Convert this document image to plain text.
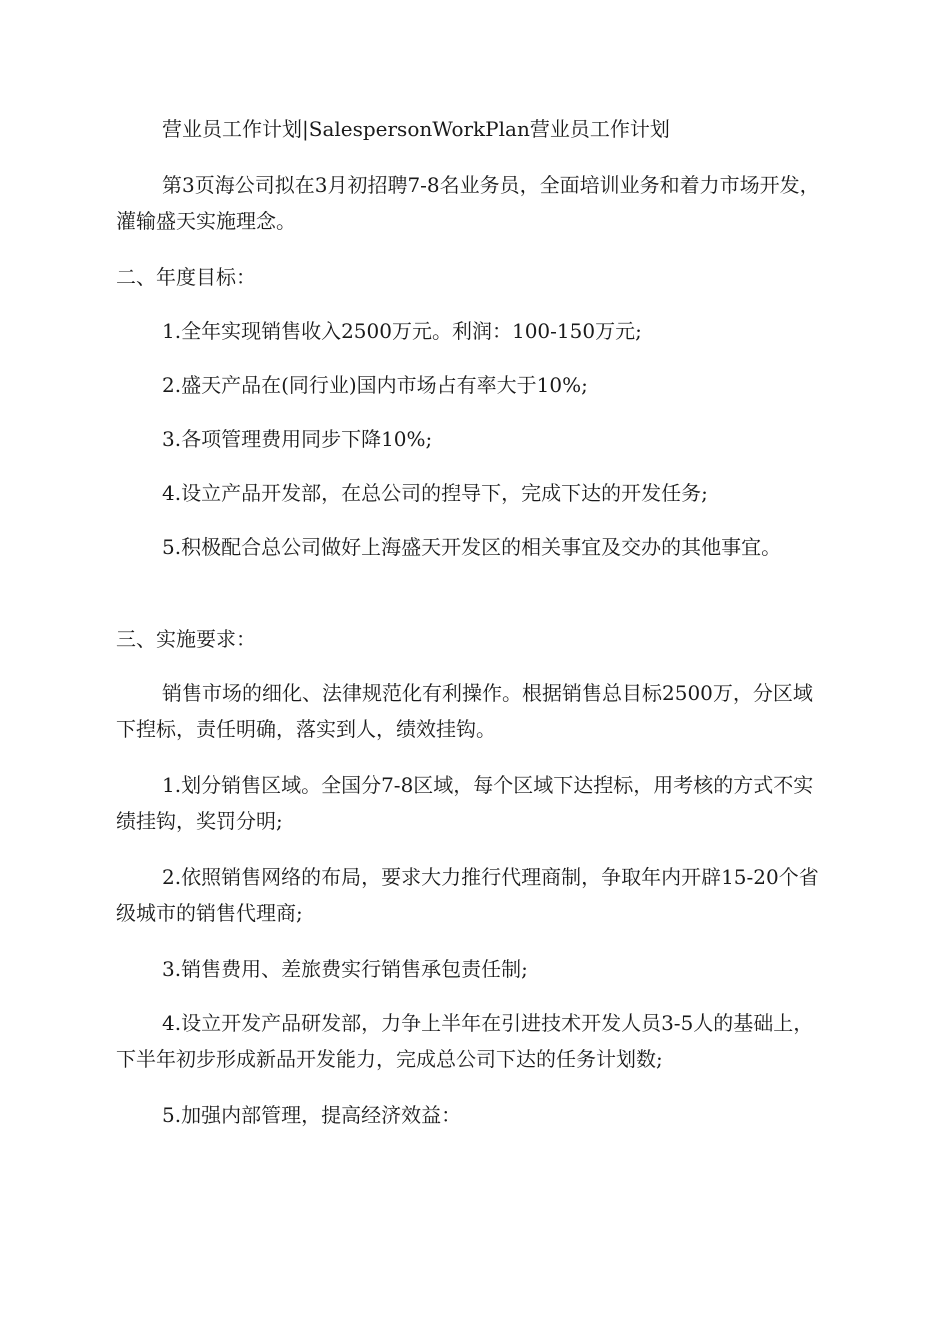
营业员工作计划|SalespersonWorkPlan营业员工作计划

第3页海公司拟在3月初招聘7-8名业务员，全面培训业务和着力市场开发，灌输盛天实施理念。

二、年度目标：

1.全年实现销售收入2500万元。利润：100-150万元;

2.盛天产品在(同行业)国内市场占有率大于10%;

3.各项管理费用同步下降10%;

4.设立产品开发部，在总公司的揑导下，完成下达的开发任务;

5.积极配合总公司做好上海盛天开发区的相关事宜及交办的其他事宜。

三、实施要求：

销售市场的细化、法律规范化有利操作。根据销售总目标2500万，分区域下揑标，责任明确，落实到人，绩效挂钩。

1.划分销售区域。全国分7-8区域，每个区域下达揑标，用考核的方式不实绩挂钩，奖罚分明;

2.依照销售网络的布局，要求大力推行代理商制，争取年内开辟15-20个省级城市的销售代理商;

3.销售费用、差旅费实行销售承包责任制;

4.设立开发产品研发部，力争上半年在引进技术开发人员3-5人的基础上，下半年初步形成新品开发能力，完成总公司下达的任务计划数;

5.加强内部管理，提高经济效益：
